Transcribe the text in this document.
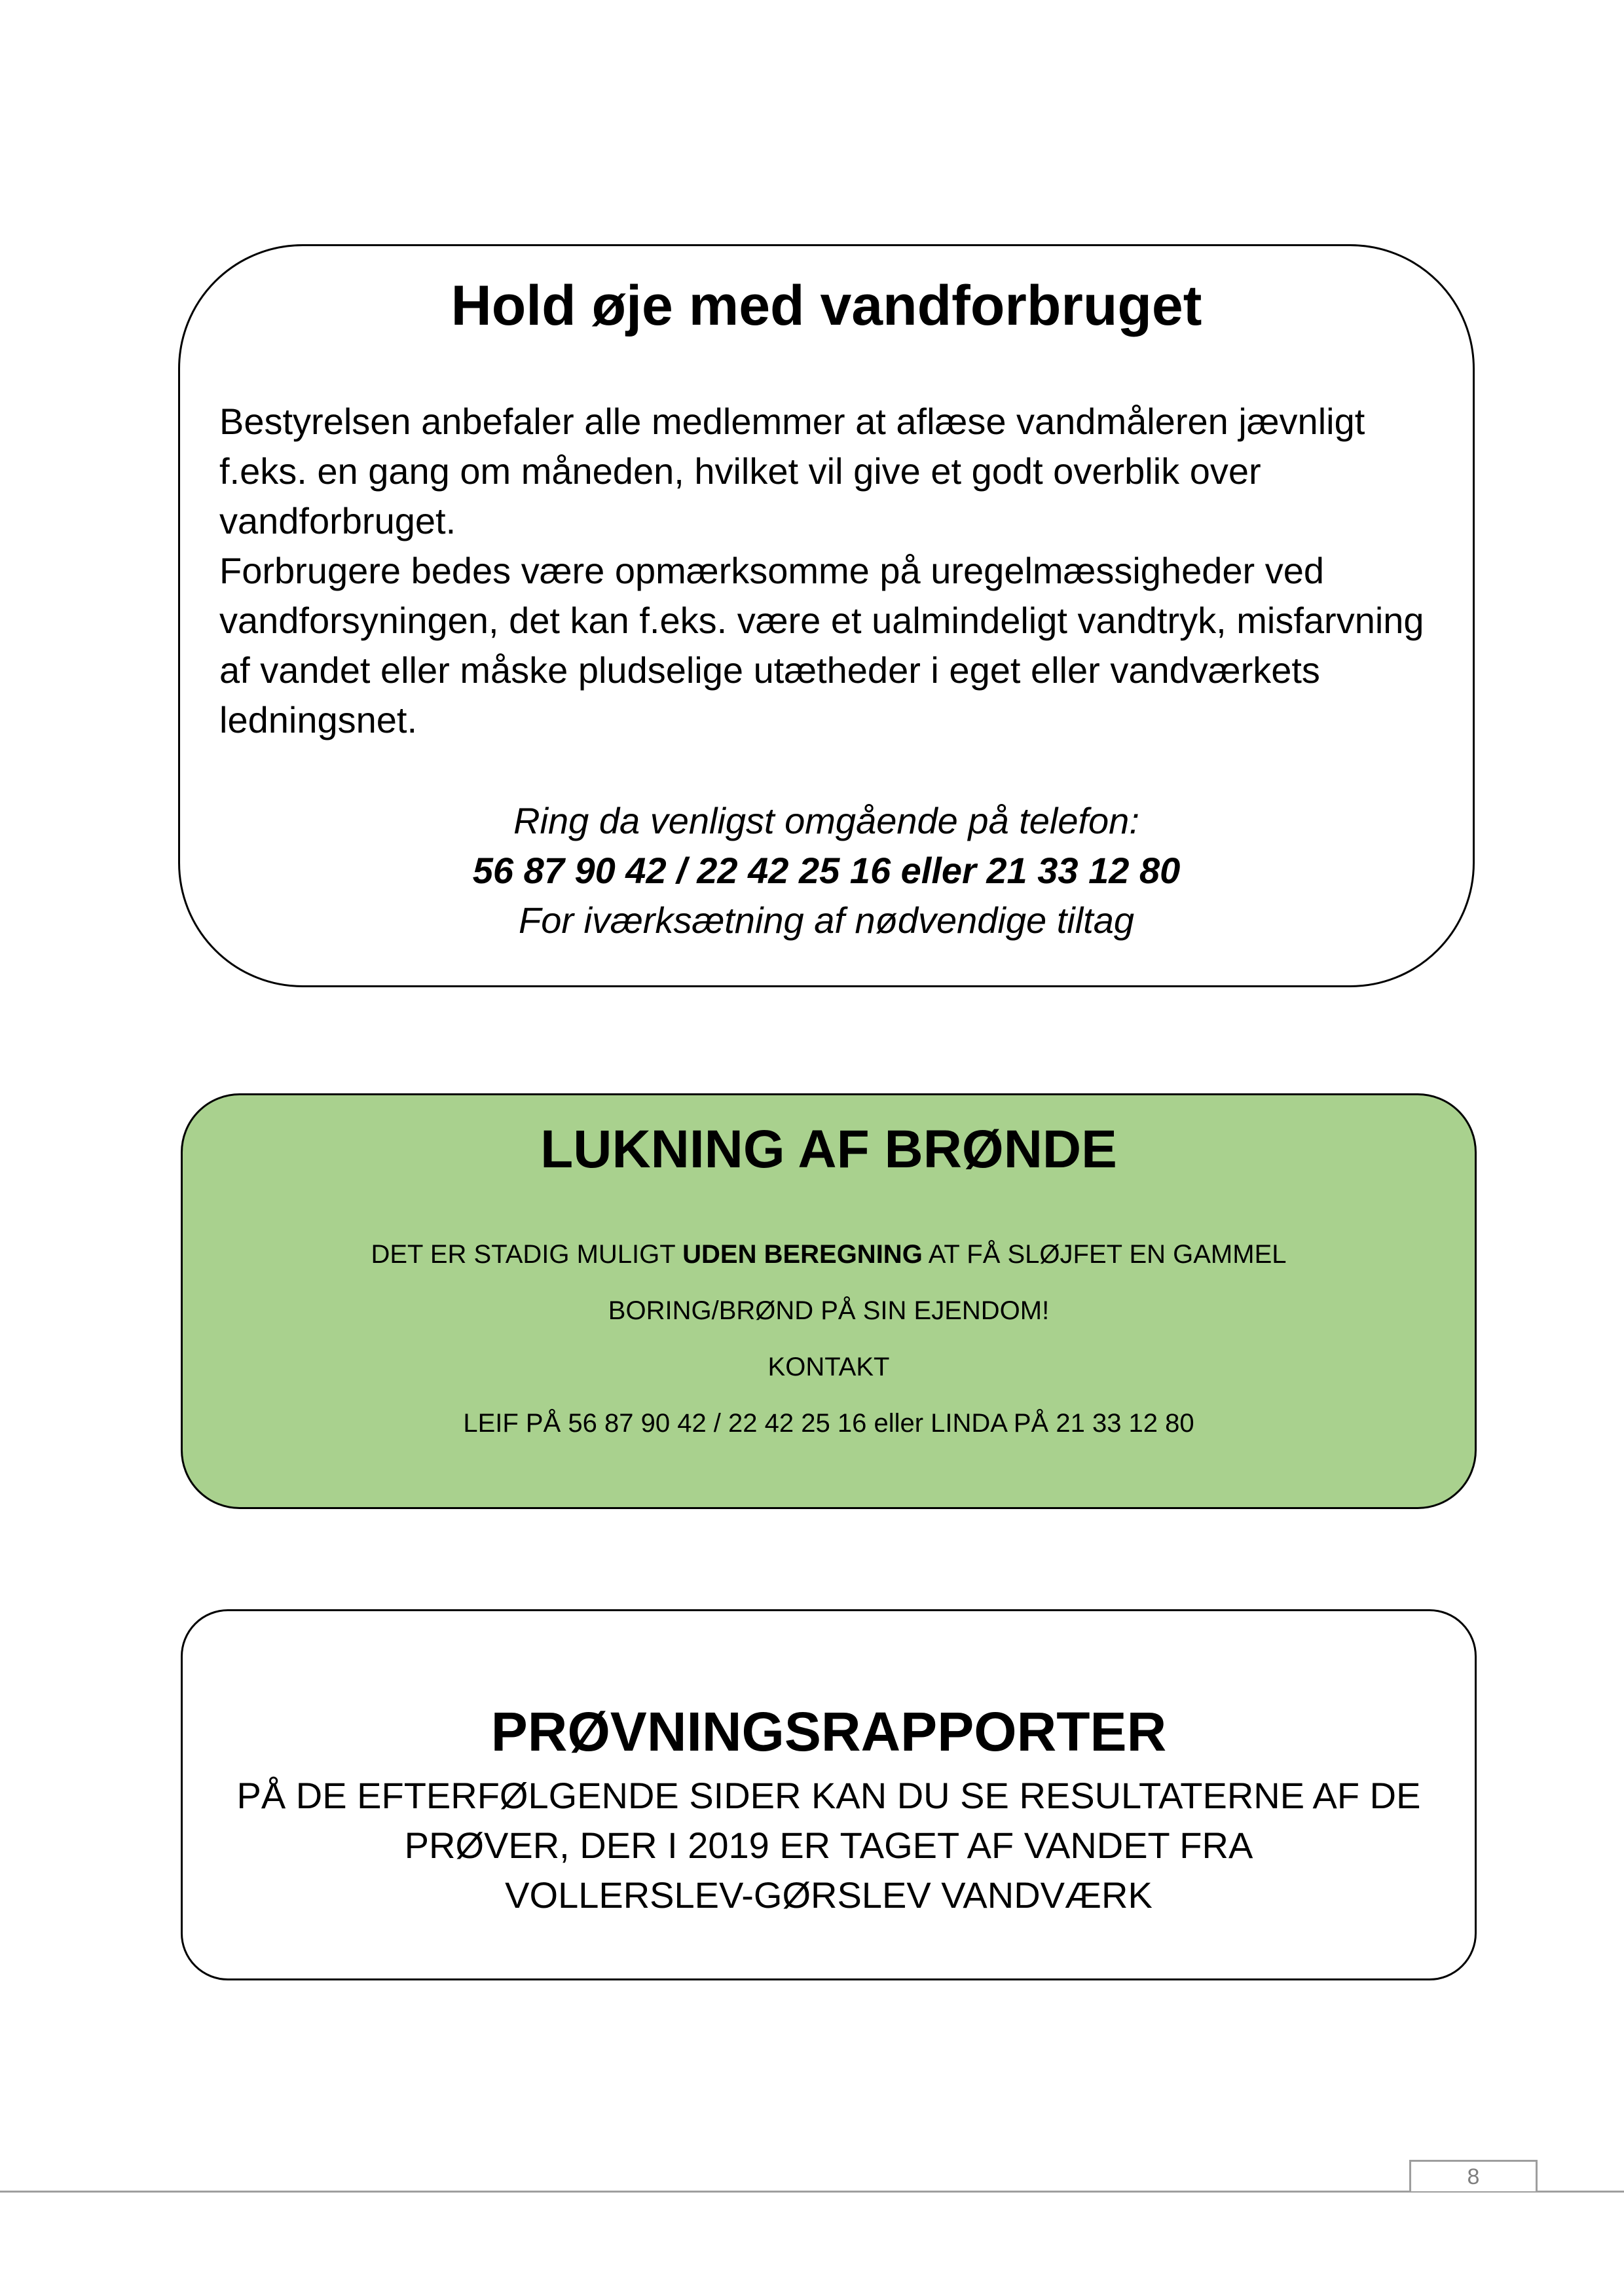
Hold øje med vandforbruget

Bestyrelsen anbefaler alle medlemmer at aflæse vandmåleren jævnligt f.eks. en gang om måneden, hvilket vil give et godt overblik over vandforbruget.

Forbrugere bedes være opmærksomme på uregelmæssigheder ved vandforsyningen, det kan f.eks. være et ualmindeligt vandtryk, misfarvning af vandet eller måske pludselige utætheder i eget eller vandværkets ledningsnet.

Ring da venligst omgående på telefon:
56 87 90 42 / 22 42 25 16 eller 21 33 12 80
For iværksætning af nødvendige tiltag
LUKNING AF BRØNDE
DET ER STADIG MULIGT UDEN BEREGNING AT FÅ SLØJFET EN GAMMEL
BORING/BRØND PÅ SIN EJENDOM!
KONTAKT
LEIF PÅ 56 87 90 42 / 22 42 25 16 eller LINDA PÅ 21 33 12 80
PRØVNINGSRAPPORTER
PÅ DE EFTERFØLGENDE SIDER KAN DU SE RESULTATERNE AF DE
PRØVER, DER I 2019 ER TAGET AF VANDET FRA
VOLLERSLEV-GØRSLEV VANDVÆRK
8
